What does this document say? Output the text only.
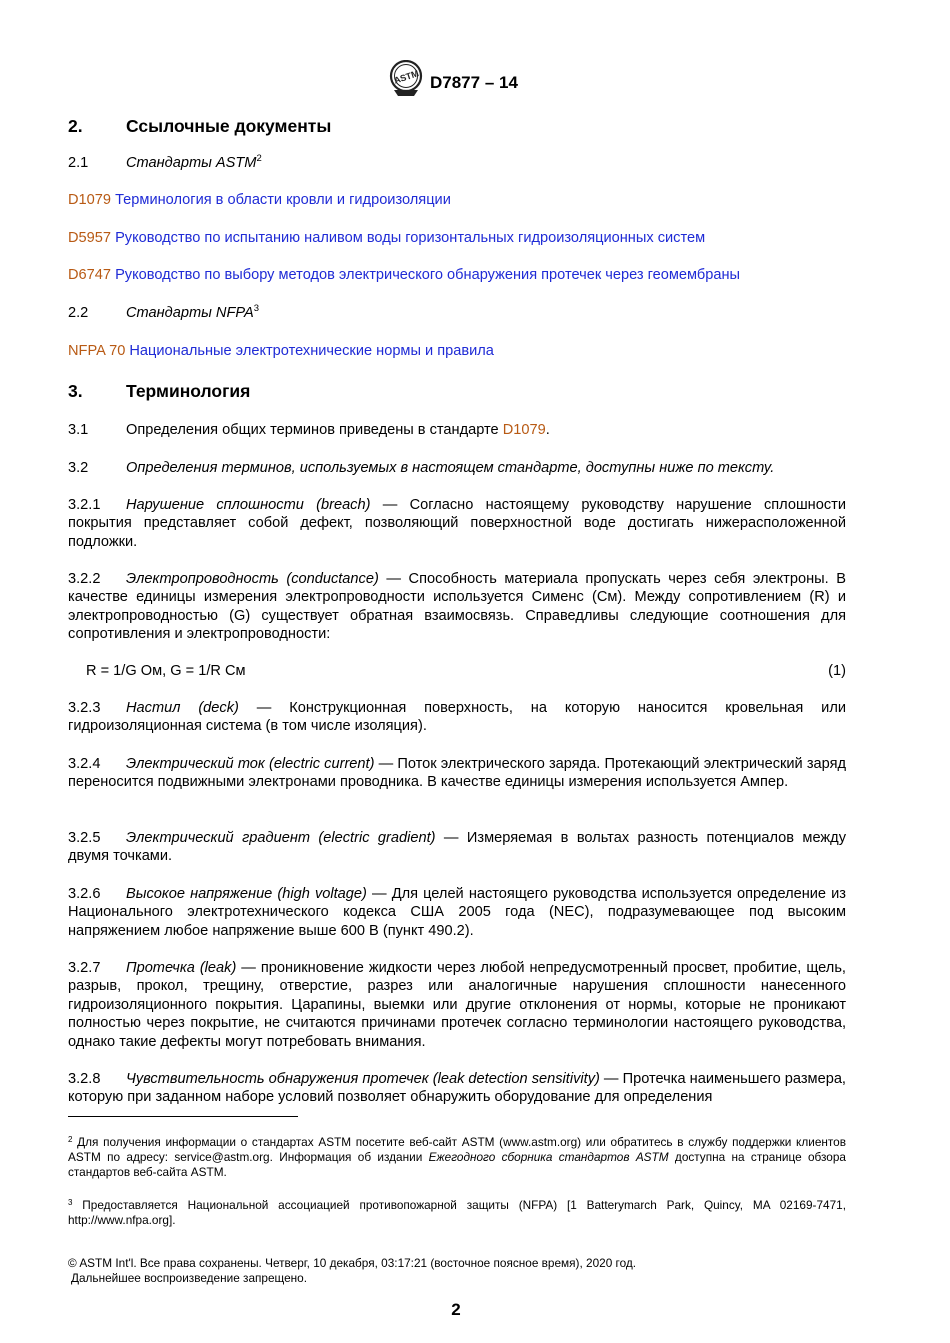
ASTM D7877 – 14
2. Ссылочные документы
2.1	Стандарты ASTM$^2$
D1079 Терминология в области кровли и гидроизоляции
D5957 Руководство по испытанию наливом воды горизонтальных гидроизоляционных систем
D6747 Руководство по выбору методов электрического обнаружения протечек через геомембраны
2.2	Стандарты NFPA$^3$
NFPA 70 Национальные электротехнические нормы и правила
3. Терминология
3.1	Определения общих терминов приведены в стандарте D1079.
3.2	Определения терминов, используемых в настоящем стандарте, доступны ниже по тексту.
3.2.1 Нарушение сплошности (breach) — Согласно настоящему руководству нарушение сплошности покрытия представляет собой дефект, позволяющий поверхностной воде достигать нижерасположенной подложки.
3.2.2 Электропроводность (conductance) — Способность материала пропускать через себя электроны. В качестве единицы измерения электропроводности используется Сименс (См). Между сопротивлением (R) и электропроводностью (G) существует обратная взаимосвязь. Справедливы следующие соотношения для сопротивления и электропроводности:
R = 1/G Ом, G = 1/R См	(1)
3.2.3 Настил (deck) — Конструкционная поверхность, на которую наносится кровельная или гидроизоляционная система (в том числе изоляция).
3.2.4 Электрический ток (electric current) — Поток электрического заряда. Протекающий электрический заряд переносится подвижными электронами проводника. В качестве единицы измерения используется Ампер.
3.2.5 Электрический градиент (electric gradient) — Измеряемая в вольтах разность потенциалов между двумя точками.
3.2.6 Высокое напряжение (high voltage) — Для целей настоящего руководства используется определение из Национального электротехнического кодекса США 2005 года (NEC), подразумевающее под высоким напряжением любое напряжение выше 600 В (пункт 490.2).
3.2.7 Протечка (leak) — проникновение жидкости через любой непредусмотренный просвет, пробитие, щель, разрыв, прокол, трещину, отверстие, разрез или аналогичные нарушения сплошности нанесенного гидроизоляционного покрытия. Царапины, выемки или другие отклонения от нормы, которые не проникают полностью через покрытие, не считаются причинами протечек согласно терминологии настоящего руководства, однако такие дефекты могут потребовать внимания.
3.2.8 Чувствительность обнаружения протечек (leak detection sensitivity) — Протечка наименьшего размера, которую при заданном наборе условий позволяет обнаружить оборудование для определения
$^2$ Для получения информации о стандартах ASTM посетите веб-сайт ASTM (www.astm.org) или обратитесь в службу поддержки клиентов ASTM по адресу: service@astm.org. Информация об издании Ежегодного сборника стандартов ASTM доступна на странице обзора стандартов веб-сайта ASTM.
$^3$ Предоставляется Национальной ассоциацией противопожарной защиты (NFPA) [1 Batterymarch Park, Quincy, MA 02169-7471, http://www.nfpa.org].
© ASTM Int'l. Все права сохранены. Четверг, 10 декабря, 03:17:21 (восточное поясное время), 2020 год.
Дальнейшее воспроизведение запрещено.
2
